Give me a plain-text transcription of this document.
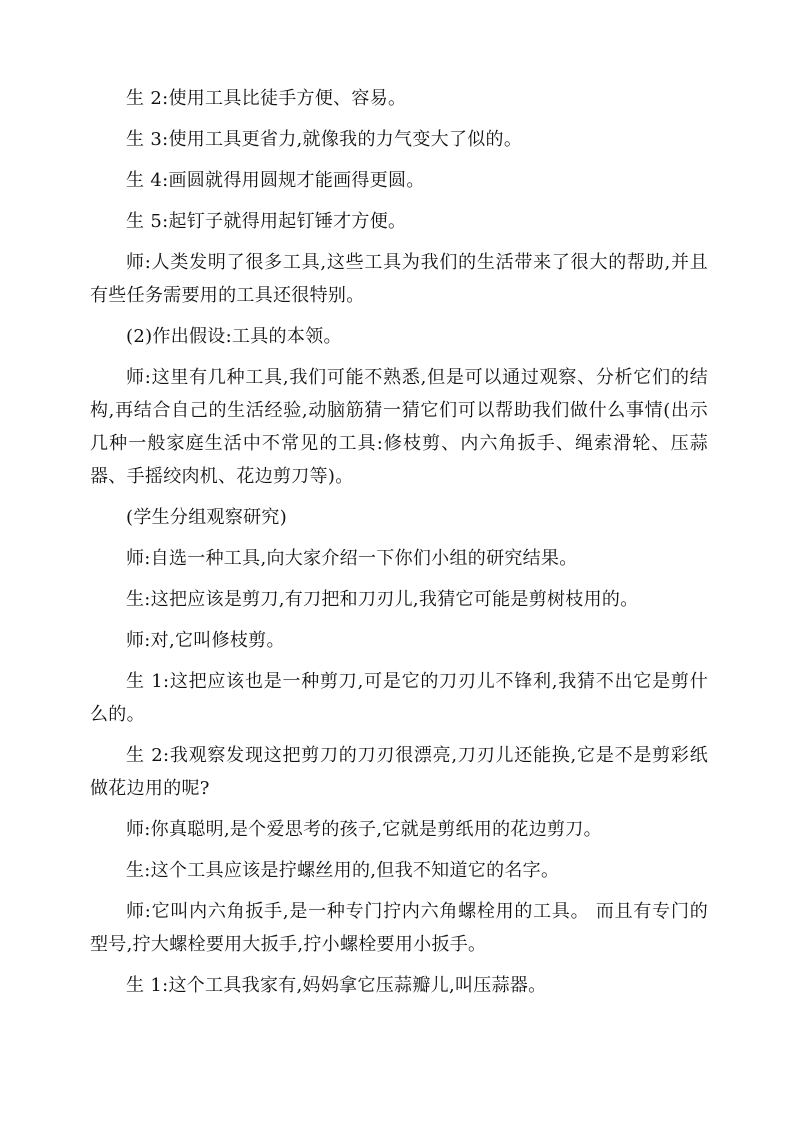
生 2:使用工具比徒手方便、容易。

生 3:使用工具更省力,就像我的力气变大了似的。

生 4:画圆就得用圆规才能画得更圆。

生 5:起钉子就得用起钉锤才方便。

师:人类发明了很多工具,这些工具为我们的生活带来了很大的帮助,并且有些任务需要用的工具还很特别。

(2)作出假设:工具的本领。

师:这里有几种工具,我们可能不熟悉,但是可以通过观察、分析它们的结构,再结合自己的生活经验,动脑筋猜一猜它们可以帮助我们做什么事情(出示几种一般家庭生活中不常见的工具:修枝剪、内六角扳手、绳索滑轮、压蒜器、手摇绞肉机、花边剪刀等)。

(学生分组观察研究)

师:自选一种工具,向大家介绍一下你们小组的研究结果。

生:这把应该是剪刀,有刀把和刀刃儿,我猜它可能是剪树枝用的。

师:对,它叫修枝剪。

生 1:这把应该也是一种剪刀,可是它的刀刃儿不锋利,我猜不出它是剪什么的。

生 2:我观察发现这把剪刀的刀刃很漂亮,刀刃儿还能换,它是不是剪彩纸做花边用的呢?

师:你真聪明,是个爱思考的孩子,它就是剪纸用的花边剪刀。

生:这个工具应该是拧螺丝用的,但我不知道它的名字。

师:它叫内六角扳手,是一种专门拧内六角螺栓用的工具。 而且有专门的型号,拧大螺栓要用大扳手,拧小螺栓要用小扳手。

生 1:这个工具我家有,妈妈拿它压蒜瓣儿,叫压蒜器。
